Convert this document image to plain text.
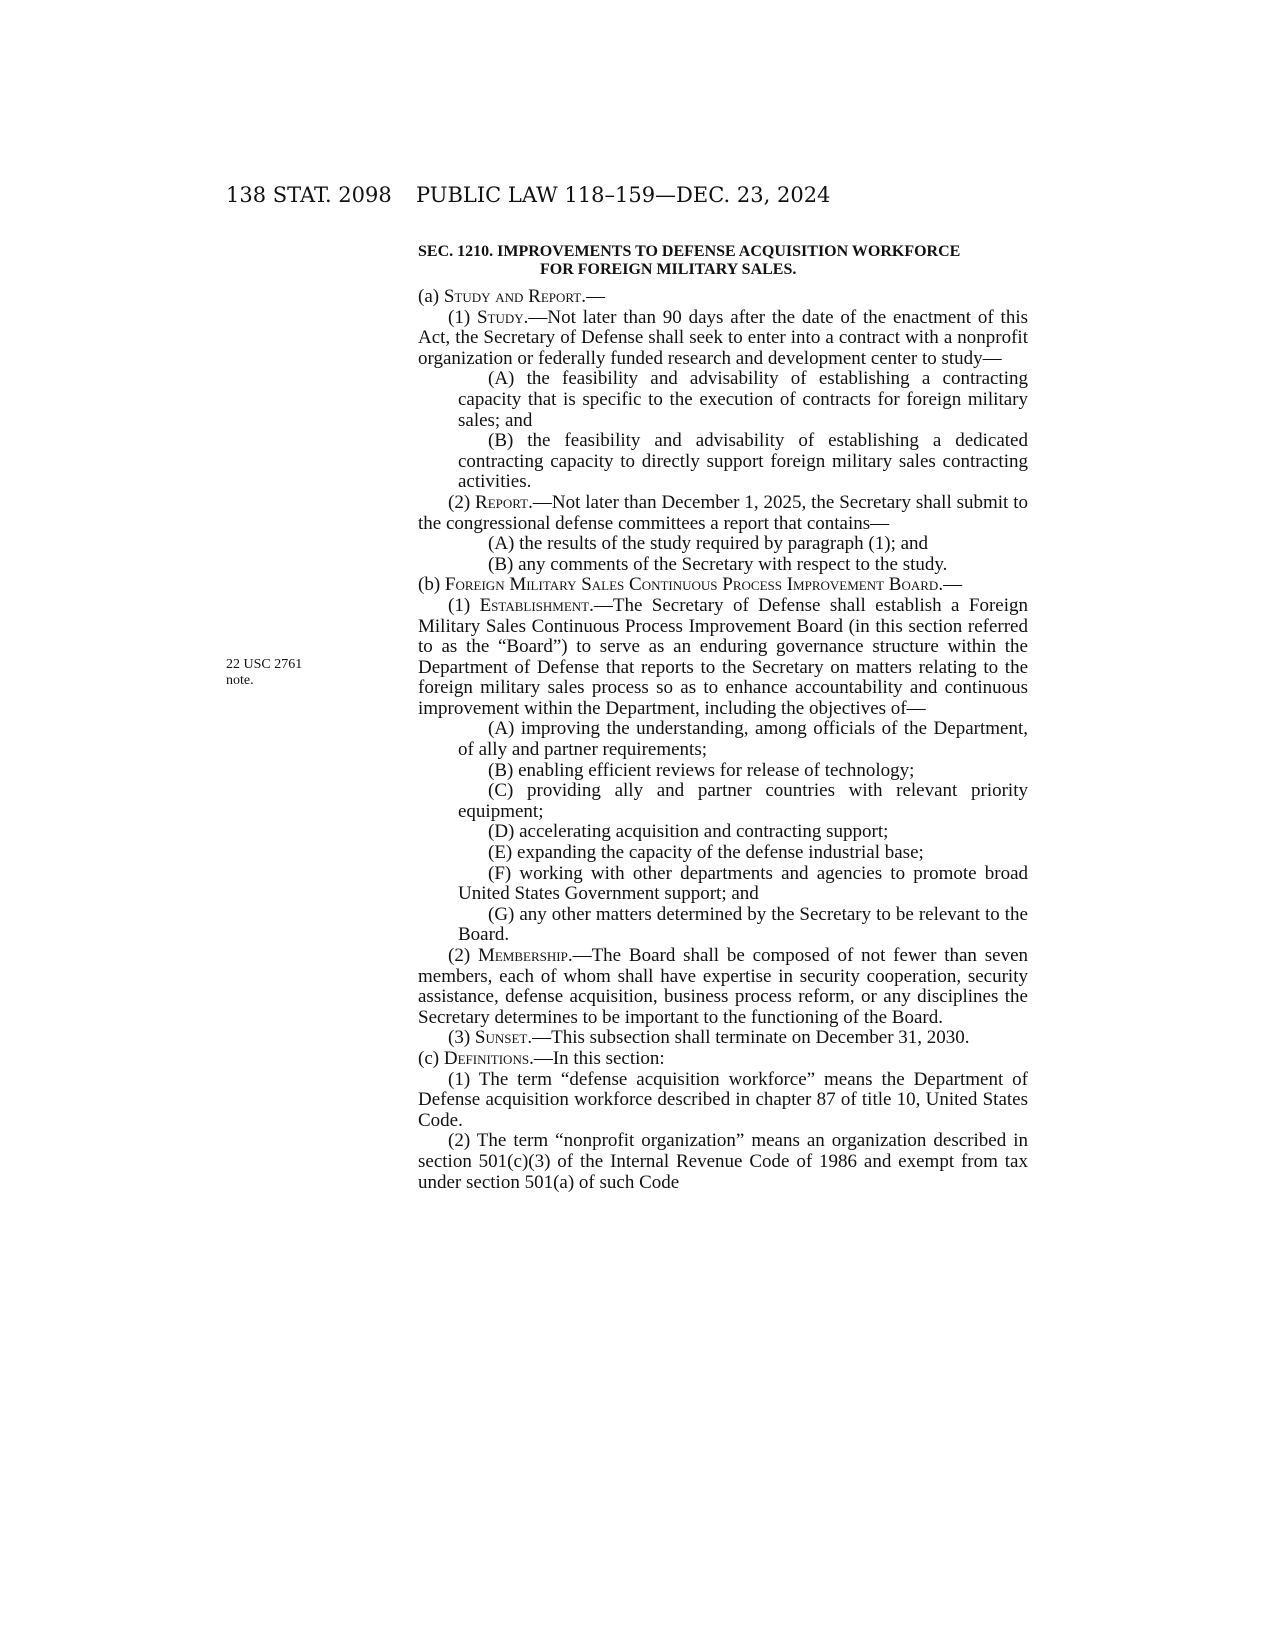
138 STAT. 2098 PUBLIC LAW 118–159—DEC. 23, 2024
22 USC 2761
note.
SEC. 1210. IMPROVEMENTS TO DEFENSE ACQUISITION WORKFORCE
FOR FOREIGN MILITARY SALES.

(a) Study and Report.—

(1) Study.—Not later than 90 days after the date of the enactment of this Act, the Secretary of Defense shall seek to enter into a contract with a nonprofit organization or federally funded research and development center to study—

(A) the feasibility and advisability of establishing a contracting capacity that is specific to the execution of contracts for foreign military sales; and

(B) the feasibility and advisability of establishing a dedicated contracting capacity to directly support foreign military sales contracting activities.

(2) Report.—Not later than December 1, 2025, the Secretary shall submit to the congressional defense committees a report that contains—

(A) the results of the study required by paragraph (1); and

(B) any comments of the Secretary with respect to the study.

(b) Foreign Military Sales Continuous Process Improvement Board.—

(1) Establishment.—The Secretary of Defense shall establish a Foreign Military Sales Continuous Process Improvement Board (in this section referred to as the “Board”) to serve as an enduring governance structure within the Department of Defense that reports to the Secretary on matters relating to the foreign military sales process so as to enhance accountability and continuous improvement within the Department, including the objectives of—

(A) improving the understanding, among officials of the Department, of ally and partner requirements;

(B) enabling efficient reviews for release of technology;

(C) providing ally and partner countries with relevant priority equipment;

(D) accelerating acquisition and contracting support;

(E) expanding the capacity of the defense industrial base;

(F) working with other departments and agencies to promote broad United States Government support; and

(G) any other matters determined by the Secretary to be relevant to the Board.

(2) Membership.—The Board shall be composed of not fewer than seven members, each of whom shall have expertise in security cooperation, security assistance, defense acquisition, business process reform, or any disciplines the Secretary determines to be important to the functioning of the Board.

(3) Sunset.—This subsection shall terminate on December 31, 2030.

(c) Definitions.—In this section:

(1) The term “defense acquisition workforce” means the Department of Defense acquisition workforce described in chapter 87 of title 10, United States Code.

(2) The term “nonprofit organization” means an organization described in section 501(c)(3) of the Internal Revenue Code of 1986 and exempt from tax under section 501(a) of such Code
